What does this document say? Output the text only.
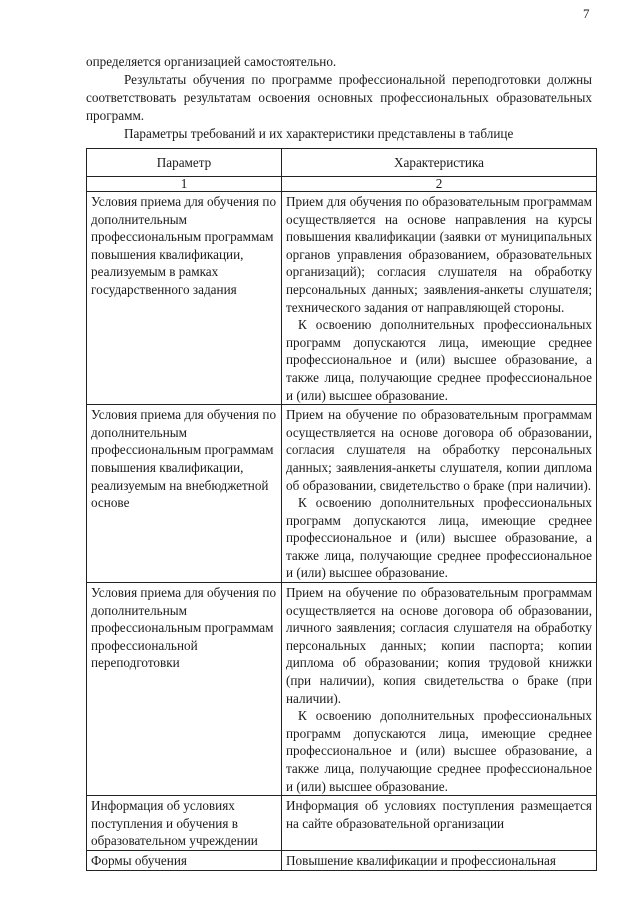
7

определяется организацией самостоятельно.

Результаты обучения по программе профессиональной переподготовки должны соответствовать результатам освоения основных профессиональных образовательных программ.

Параметры требований и их характеристики представлены в таблице

Параметр	Характеристика
1	2
Условия приема для обучения по дополнительным профессиональным программам повышения квалификации, реализуемым в рамках государственного задания	Прием для обучения по образовательным программам осуществляется на основе направления на курсы повышения квалификации (заявки от муниципальных органов управления образованием, образовательных организаций); согласия слушателя на обработку персональных данных; заявления-анкеты слушателя; технического задания от направляющей стороны.

К освоению дополнительных профессиональных программ допускаются лица, имеющие среднее профессиональное и (или) высшее образование, а также лица, получающие среднее профессиональное и (или) высшее образование.

Условия приема для обучения по дополнительным профессиональным программам повышения квалификации, реализуемым на внебюджетной основе	Прием на обучение по образовательным программам осуществляется на основе договора об образовании, согласия слушателя на обработку персональных данных; заявления-анкеты слушателя, копии диплома об образовании, свидетельство о браке (при наличии).

К освоению дополнительных профессиональных программ допускаются лица, имеющие среднее профессиональное и (или) высшее образование, а также лица, получающие среднее профессиональное и (или) высшее образование.

Условия приема для обучения по дополнительным профессиональным программам профессиональной переподготовки	Прием на обучение по образовательным программам осуществляется на основе договора об образовании, личного заявления; согласия слушателя на обработку персональных данных; копии паспорта; копии диплома об образовании; копия трудовой книжки (при наличии), копия свидетельства о браке (при наличии).

К освоению дополнительных профессиональных программ допускаются лица, имеющие среднее профессиональное и (или) высшее образование, а также лица, получающие среднее профессиональное и (или) высшее образование.

Информация об условиях поступления и обучения в образовательном учреждении	Информация об условиях поступления размещается на сайте образовательной организации

Формы обучения	Повышение квалификации и профессиональная
